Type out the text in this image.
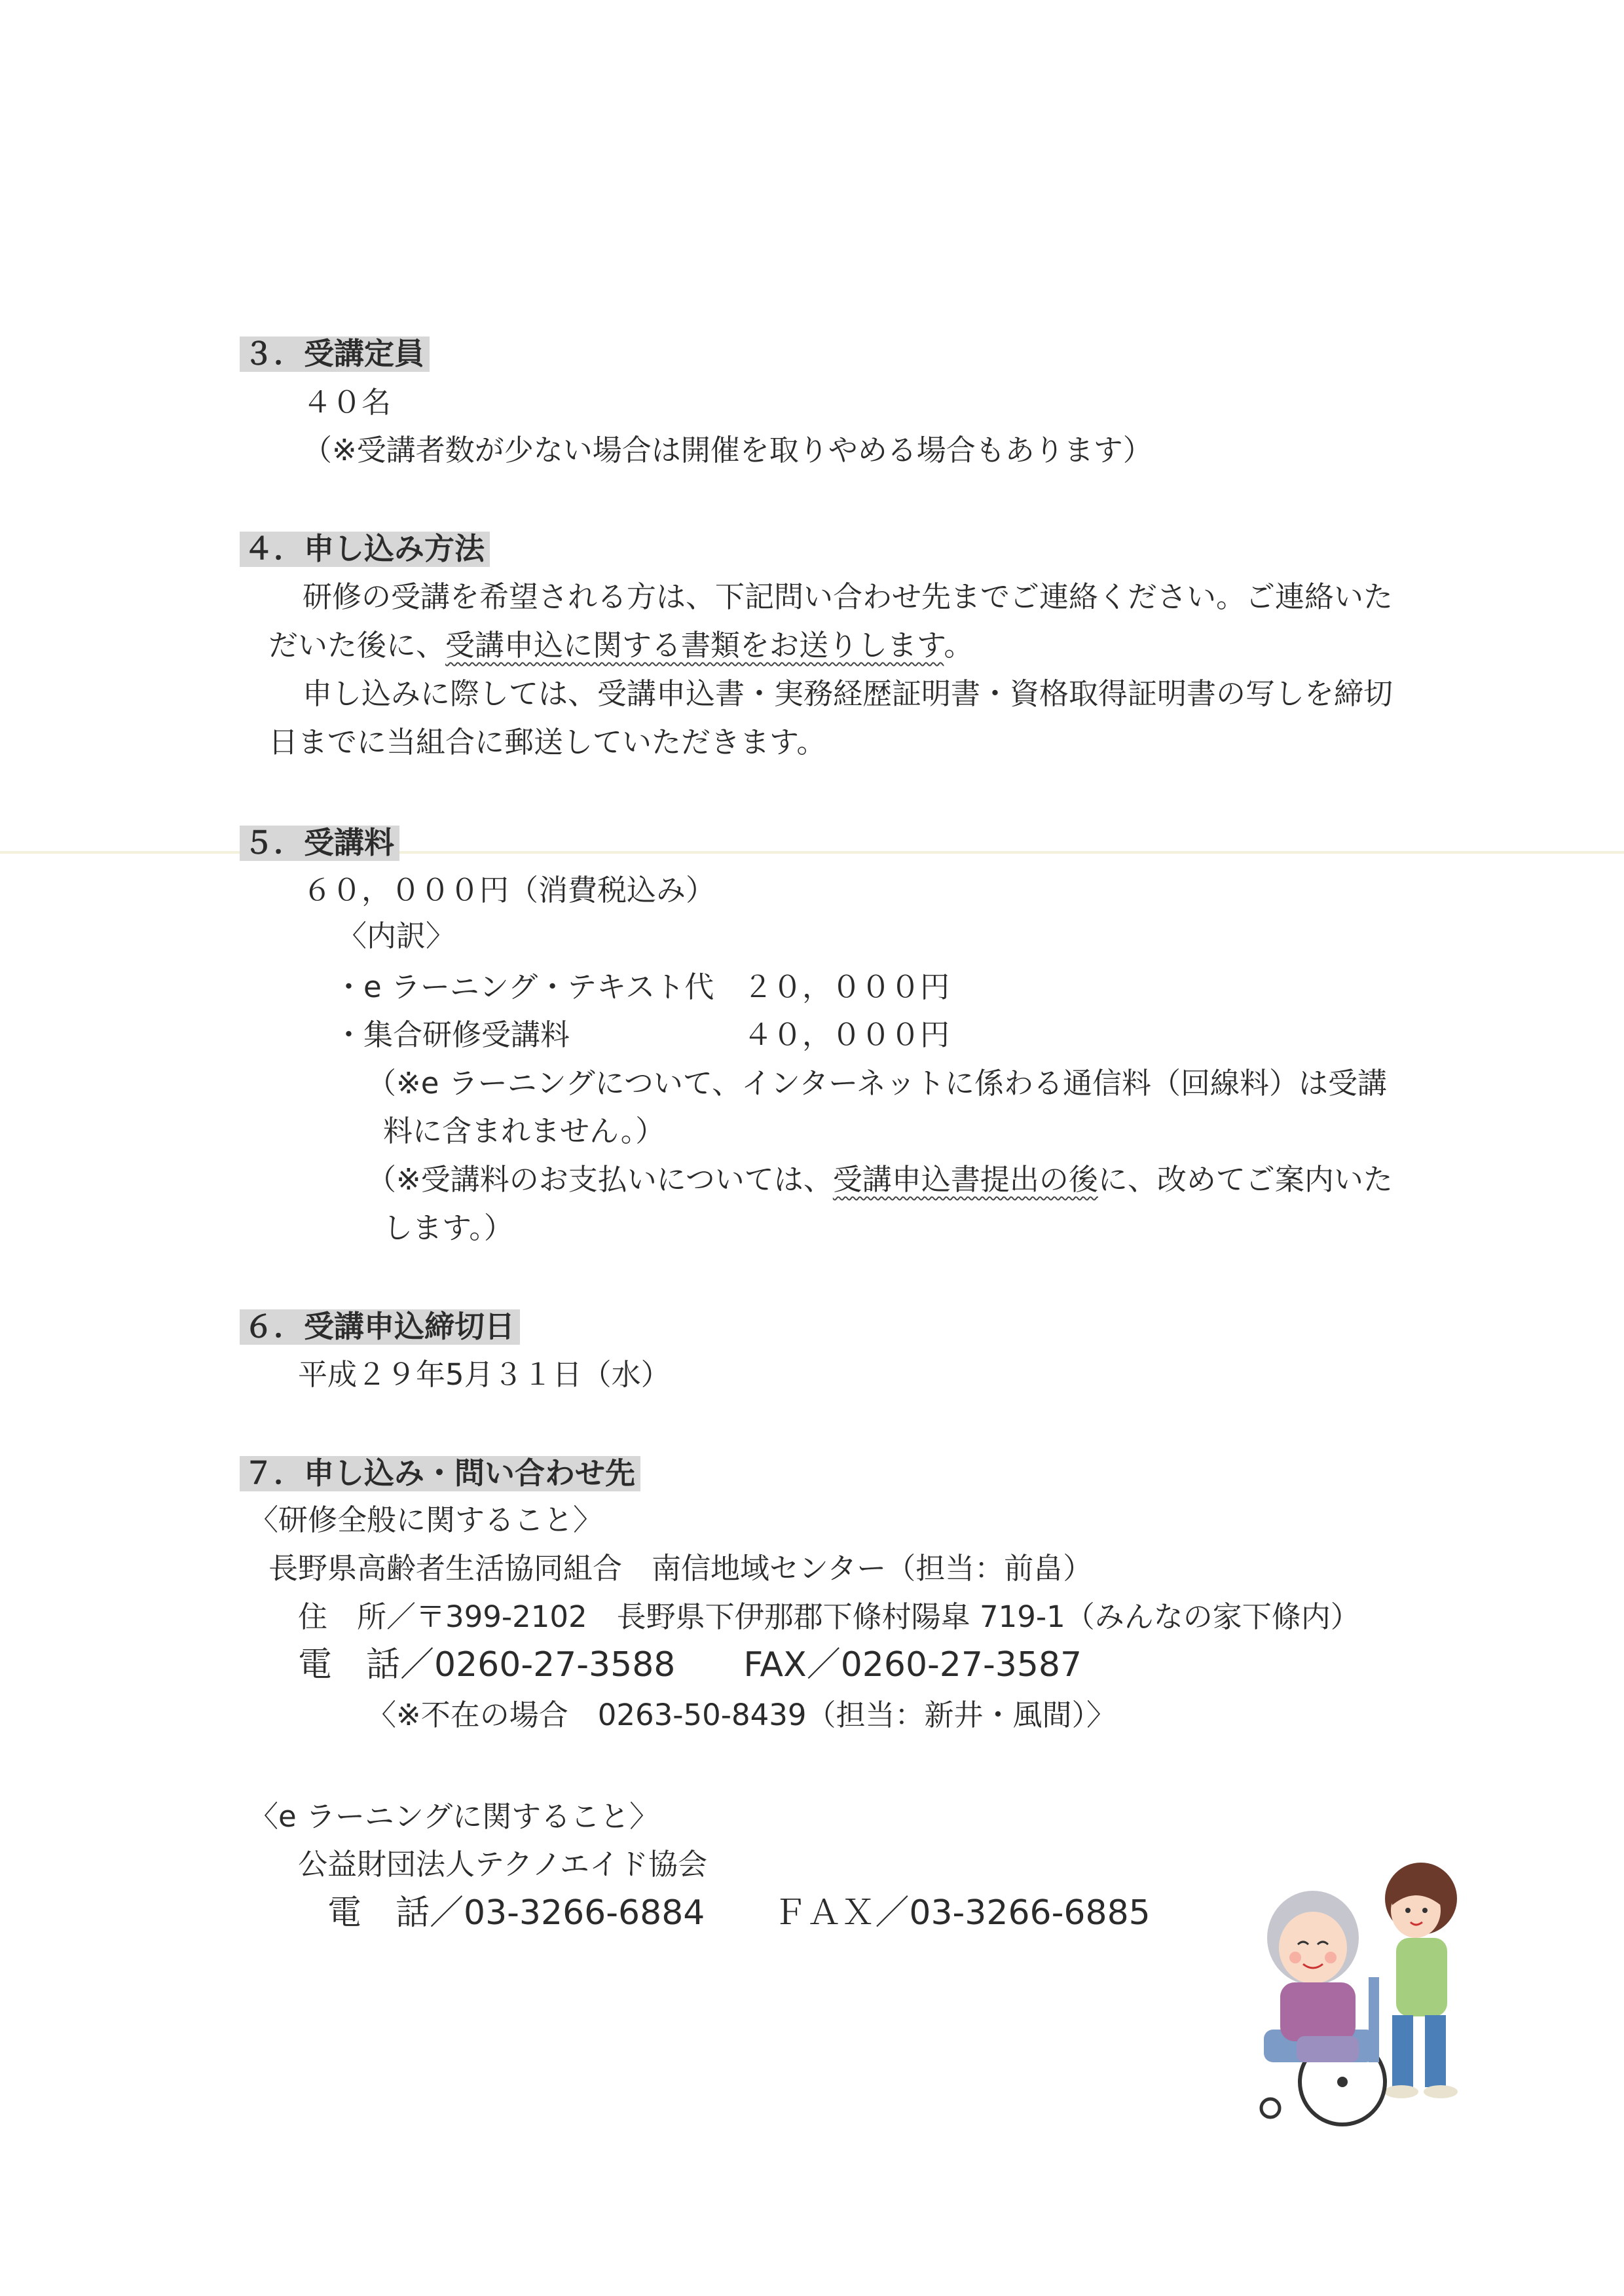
３．受講定員
４０名
（※受講者数が少ない場合は開催を取りやめる場合もあります）
４．申し込み方法
研修の受講を希望される方は、下記問い合わせ先までご連絡ください。ご連絡いた
だいた後に、受講申込に関する書類をお送りします。
申し込みに際しては、受講申込書・実務経歴証明書・資格取得証明書の写しを締切
日までに当組合に郵送していただきます。
５．受講料
６０，０００円（消費税込み）
〈内訳〉
・e ラーニング・テキスト代 ２０，０００円
・集合研修受講料	４０，０００円
（※e ラーニングについて、インターネットに係わる通信料（回線料）は受講
料に含まれません。）
（※受講料のお支払いについては、受講申込書提出の後に、改めてご案内いた
します。）
６．受講申込締切日
平成２９年5月３１日（水）
７．申し込み・問い合わせ先
〈研修全般に関すること〉
長野県高齢者生活協同組合　南信地域センター（担当：前畠）
住　所／〒399-2102　長野県下伊那郡下條村陽皐 719-1（みんなの家下條内）
電　話／0260-27-3588　　FAX／0260-27-3587
〈※不在の場合　0263-50-8439（担当：新井・風間）〉
〈e ラーニングに関すること〉
公益財団法人テクノエイド協会
電　話／03-3266-6884　　ＦＡＸ／03-3266-6885
